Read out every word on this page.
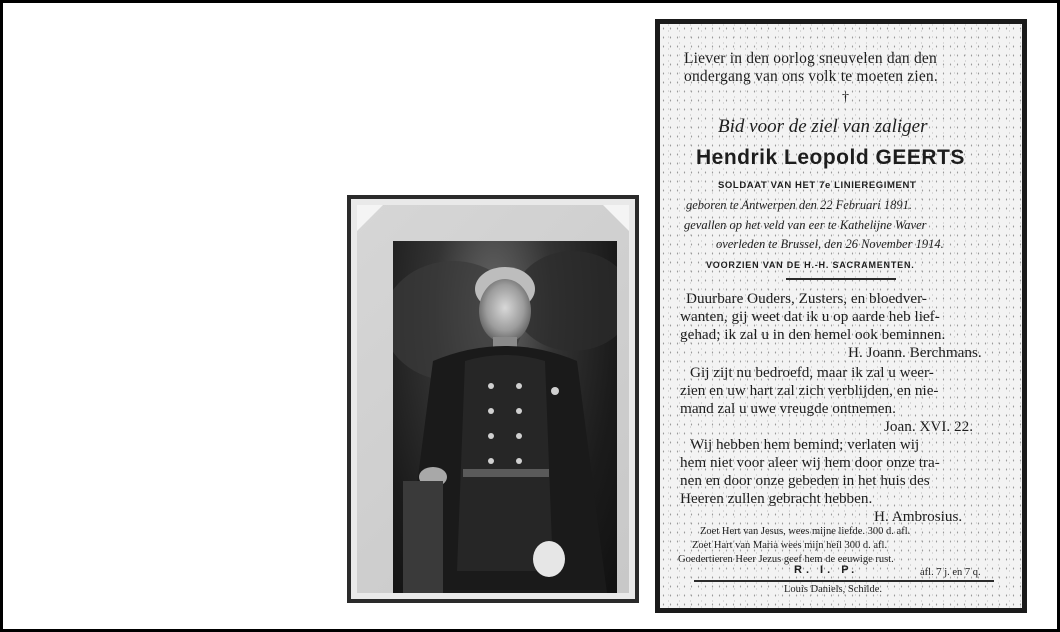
Liever in den oorlog sneuvelen dan den
ondergang van ons volk te moeten zien.
†
Bid voor de ziel van zaliger
Hendrik Leopold GEERTS
SOLDAAT VAN HET 7e LINIEREGIMENT
geboren te Antwerpen den 22 Februari 1891.
gevallen op het veld van eer te Kathelijne Waver
overleden te Brussel, den 26 November 1914.
VOORZIEN VAN DE H.-H. SACRAMENTEN.
Duurbare Ouders, Zusters, en bloedver-
wanten, gij weet dat ik u op aarde heb lief-
gehad; ik zal u in den hemel ook beminnen.
H. Joann. Berchmans.
Gij zijt nu bedroefd, maar ik zal u weer-
zien en uw hart zal zich verblijden, en nie-
mand zal u uwe vreugde ontnemen.
Joan. XVI. 22.
Wij hebben hem bemind; verlaten wij
hem niet voor aleer wij hem door onze tra-
nen en door onze gebeden in het huis des
Heeren zullen gebracht hebben.
H. Ambrosius.
Zoet Hert van Jesus, wees mijne liefde. 300 d. afl.
Zoet Hart van Maria wees mijn heil 300 d. afl.
Goedertieren Heer Jezus geef hem de eeuwige rust.
afl. 7 j. en 7 q.
R. I. P.
Louis Daniels, Schilde.
